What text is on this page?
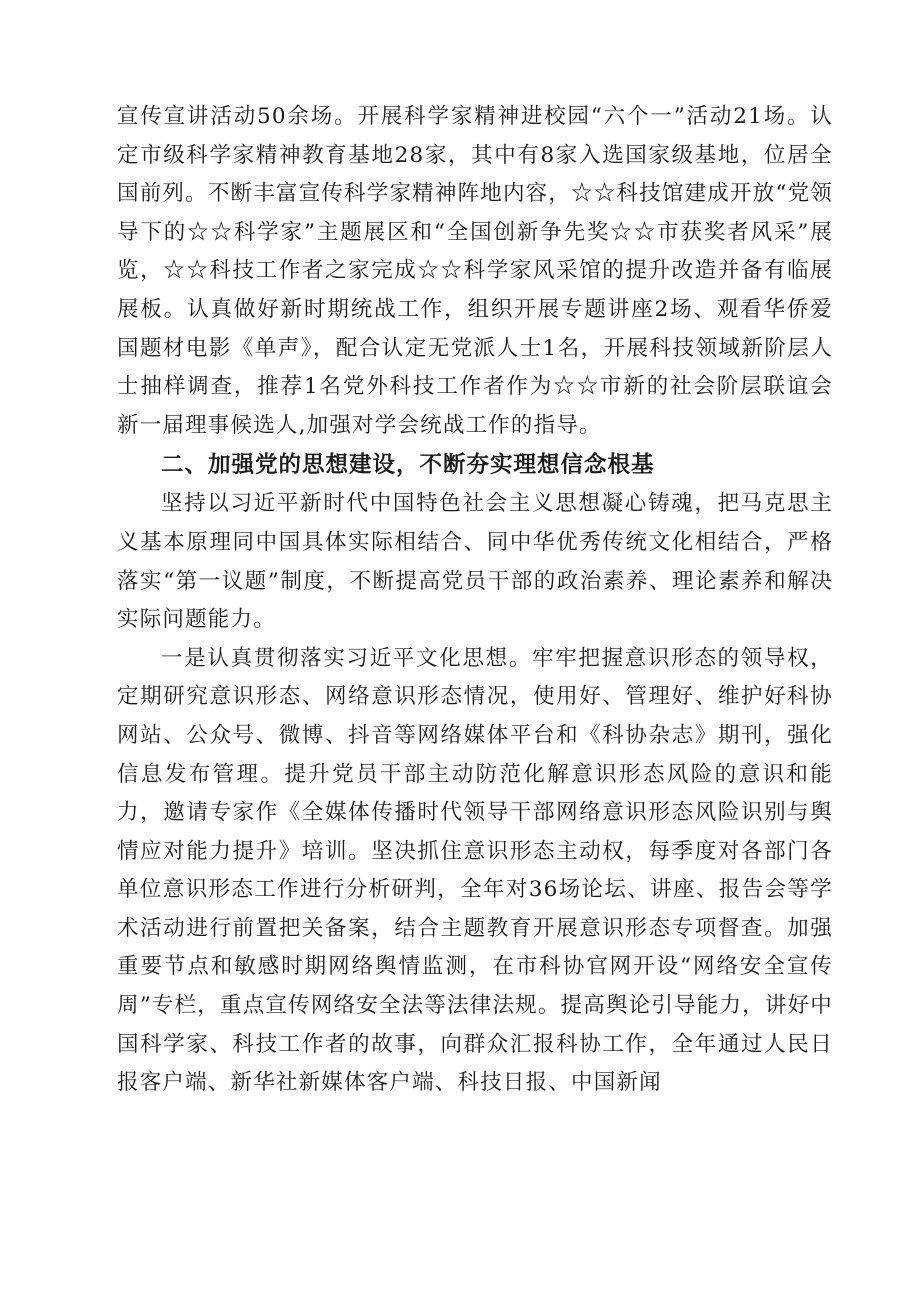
宣传宣讲活动50余场。开展科学家精神进校园“六个一”活动21场。认定市级科学家精神教育基地28家，其中有8家入选国家级基地，位居全国前列。不断丰富宣传科学家精神阵地内容，☆☆科技馆建成开放“党领导下的☆☆科学家”主题展区和“全国创新争先奖☆☆市获奖者风采”展览，☆☆科技工作者之家完成☆☆科学家风采馆的提升改造并备有临展展板。认真做好新时期统战工作，组织开展专题讲座2场、观看华侨爱国题材电影《单声》，配合认定无党派人士1名，开展科技领域新阶层人士抽样调查，推荐1名党外科技工作者作为☆☆市新的社会阶层联谊会新一届理事候选人,加强对学会统战工作的指导。

二、加强党的思想建设，不断夯实理想信念根基

坚持以习近平新时代中国特色社会主义思想凝心铸魂，把马克思主义基本原理同中国具体实际相结合、同中华优秀传统文化相结合，严格落实“第一议题”制度，不断提高党员干部的政治素养、理论素养和解决实际问题能力。

一是认真贯彻落实习近平文化思想。牢牢把握意识形态的领导权，定期研究意识形态、网络意识形态情况，使用好、管理好、维护好科协网站、公众号、微博、抖音等网络媒体平台和《科协杂志》期刊，强化信息发布管理。提升党员干部主动防范化解意识形态风险的意识和能力，邀请专家作《全媒体传播时代领导干部网络意识形态风险识别与舆情应对能力提升》培训。坚决抓住意识形态主动权，每季度对各部门各单位意识形态工作进行分析研判，全年对36场论坛、讲座、报告会等学术活动进行前置把关备案，结合主题教育开展意识形态专项督查。加强重要节点和敏感时期网络舆情监测，在市科协官网开设“网络安全宣传周”专栏，重点宣传网络安全法等法律法规。提高舆论引导能力，讲好中国科学家、科技工作者的故事，向群众汇报科协工作，全年通过人民日报客户端、新华社新媒体客户端、科技日报、中国新闻
